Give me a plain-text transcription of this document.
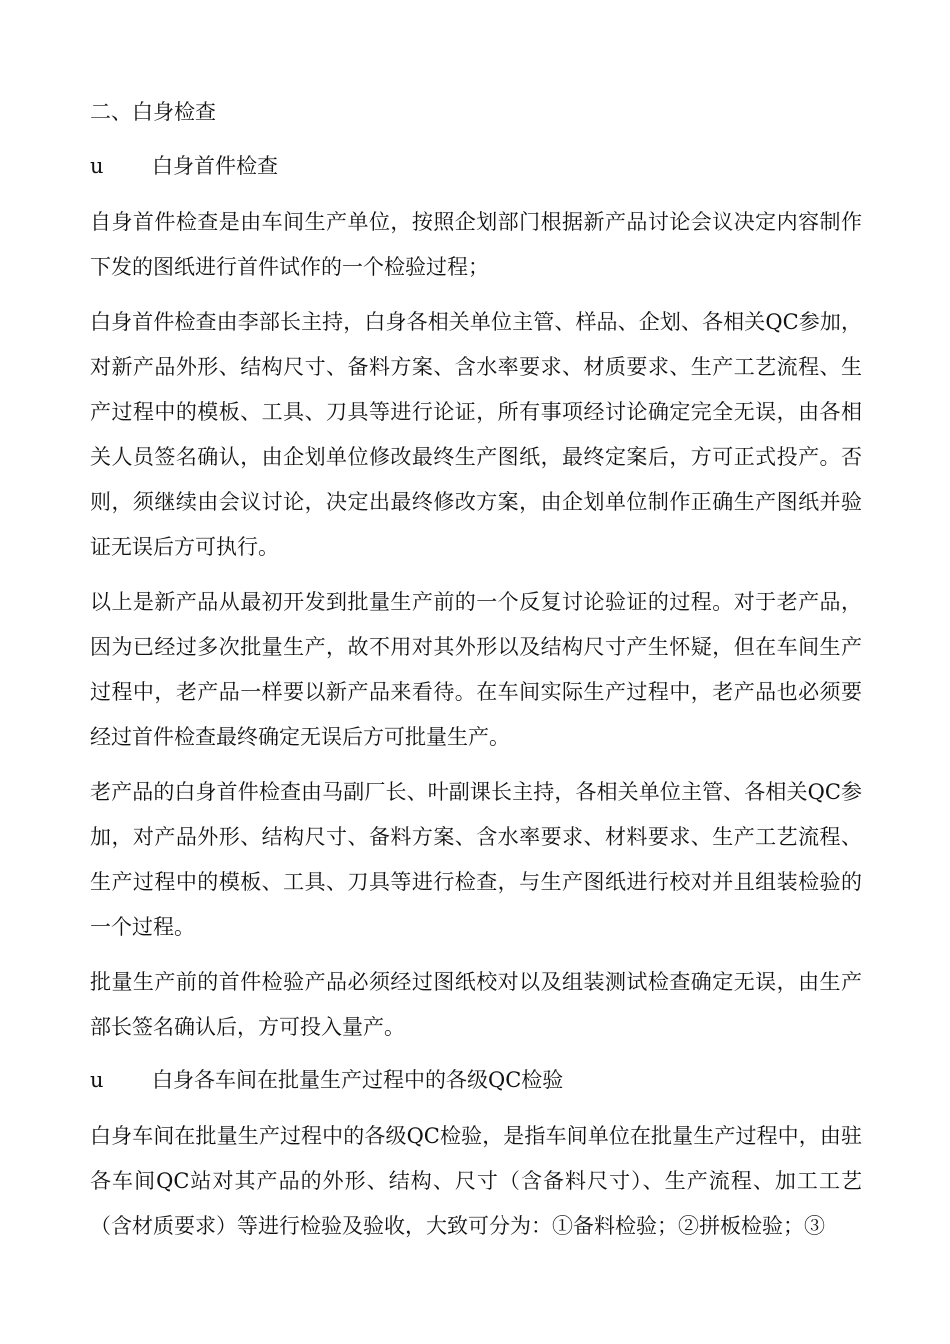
二、白身检查
u	白身首件检查

自身首件检查是由车间生产单位，按照企划部门根据新产品讨论会议决定内容制作下发的图纸进行首件试作的一个检验过程；

白身首件检查由李部长主持，白身各相关单位主管、样品、企划、各相关QC参加，对新产品外形、结构尺寸、备料方案、含水率要求、材质要求、生产工艺流程、生产过程中的模板、工具、刀具等进行论证，所有事项经讨论确定完全无误，由各相关人员签名确认，由企划单位修改最终生产图纸，最终定案后，方可正式投产。否则，须继续由会议讨论，决定出最终修改方案，由企划单位制作正确生产图纸并验证无误后方可执行。

以上是新产品从最初开发到批量生产前的一个反复讨论验证的过程。对于老产品，因为已经过多次批量生产，故不用对其外形以及结构尺寸产生怀疑，但在车间生产过程中，老产品一样要以新产品来看待。在车间实际生产过程中，老产品也必须要经过首件检查最终确定无误后方可批量生产。

老产品的白身首件检查由马副厂长、叶副课长主持，各相关单位主管、各相关QC参加，对产品外形、结构尺寸、备料方案、含水率要求、材料要求、生产工艺流程、生产过程中的模板、工具、刀具等进行检查，与生产图纸进行校对并且组装检验的一个过程。

批量生产前的首件检验产品必须经过图纸校对以及组装测试检查确定无误，由生产部长签名确认后，方可投入量产。

u	白身各车间在批量生产过程中的各级QC检验

白身车间在批量生产过程中的各级QC检验，是指车间单位在批量生产过程中，由驻各车间QC站对其产品的外形、结构、尺寸（含备料尺寸）、生产流程、加工工艺（含材质要求）等进行检验及验收，大致可分为：①备料检验；②拼板检验；③
